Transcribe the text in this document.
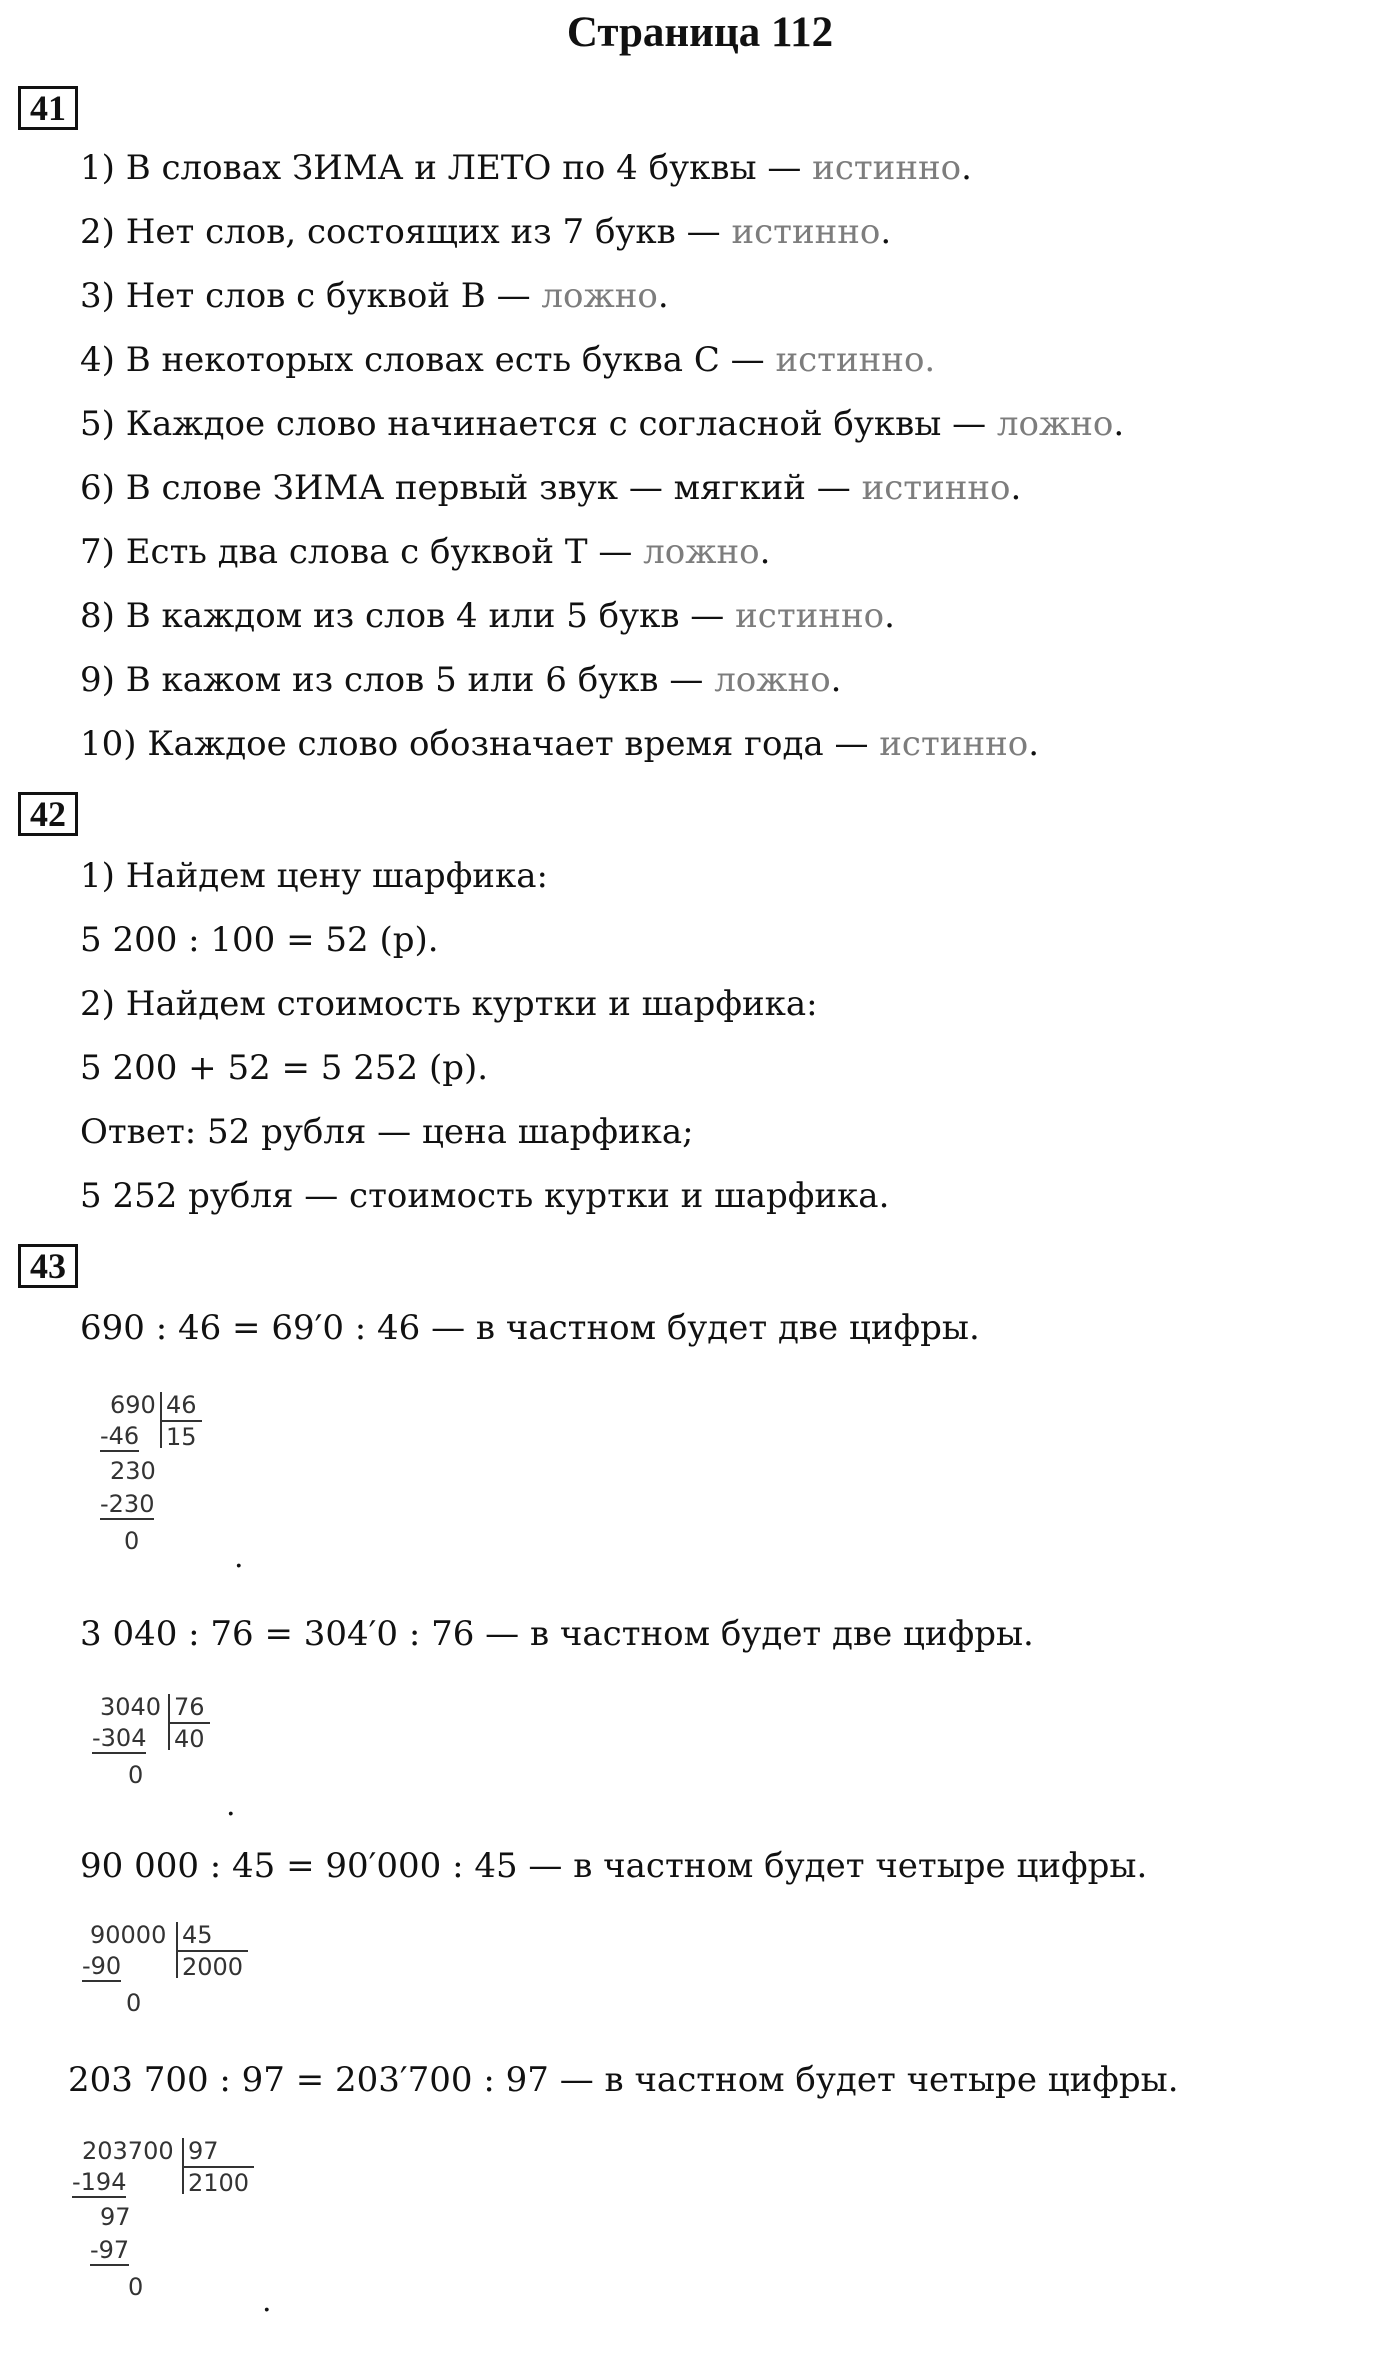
Страница 112
41
1) В словах ЗИМА и ЛЕТО по 4 буквы — истинно.
2) Нет слов, состоящих из 7 букв — истинно.
3) Нет слов с буквой В — ложно.
4) В некоторых словах есть буква С — истинно.
5) Каждое слово начинается с согласной буквы — ложно.
6) В слове ЗИМА первый звук — мягкий — истинно.
7) Есть два слова с буквой Т — ложно.
8) В каждом из слов 4 или 5 букв — истинно.
9) В кажом из слов 5 или 6 букв — ложно.
10) Каждое слово обозначает время года — истинно.
42
1) Найдем цену шарфика:
5 200 : 100 = 52 (р).
2) Найдем стоимость куртки и шарфика:
5 200 + 52 = 5 252 (р).
Ответ: 52 рубля — цена шарфика;
5 252 рубля — стоимость куртки и шарфика.
43
690 : 46 = 69′0 : 46 — в частном будет две цифры.
690 46
15
-46
230
-230
0	.
3 040 : 76 = 304′0 : 76 — в частном будет две цифры.
3040 76
40
-304
0
.
90 000 : 45 = 90′000 : 45 — в частном будет четыре цифры.
90000 45
2000
-90
0
203 700 : 97 = 203′700 : 97 — в частном будет четыре цифры.
203700 97
2100
-194
97
-97
0	.
